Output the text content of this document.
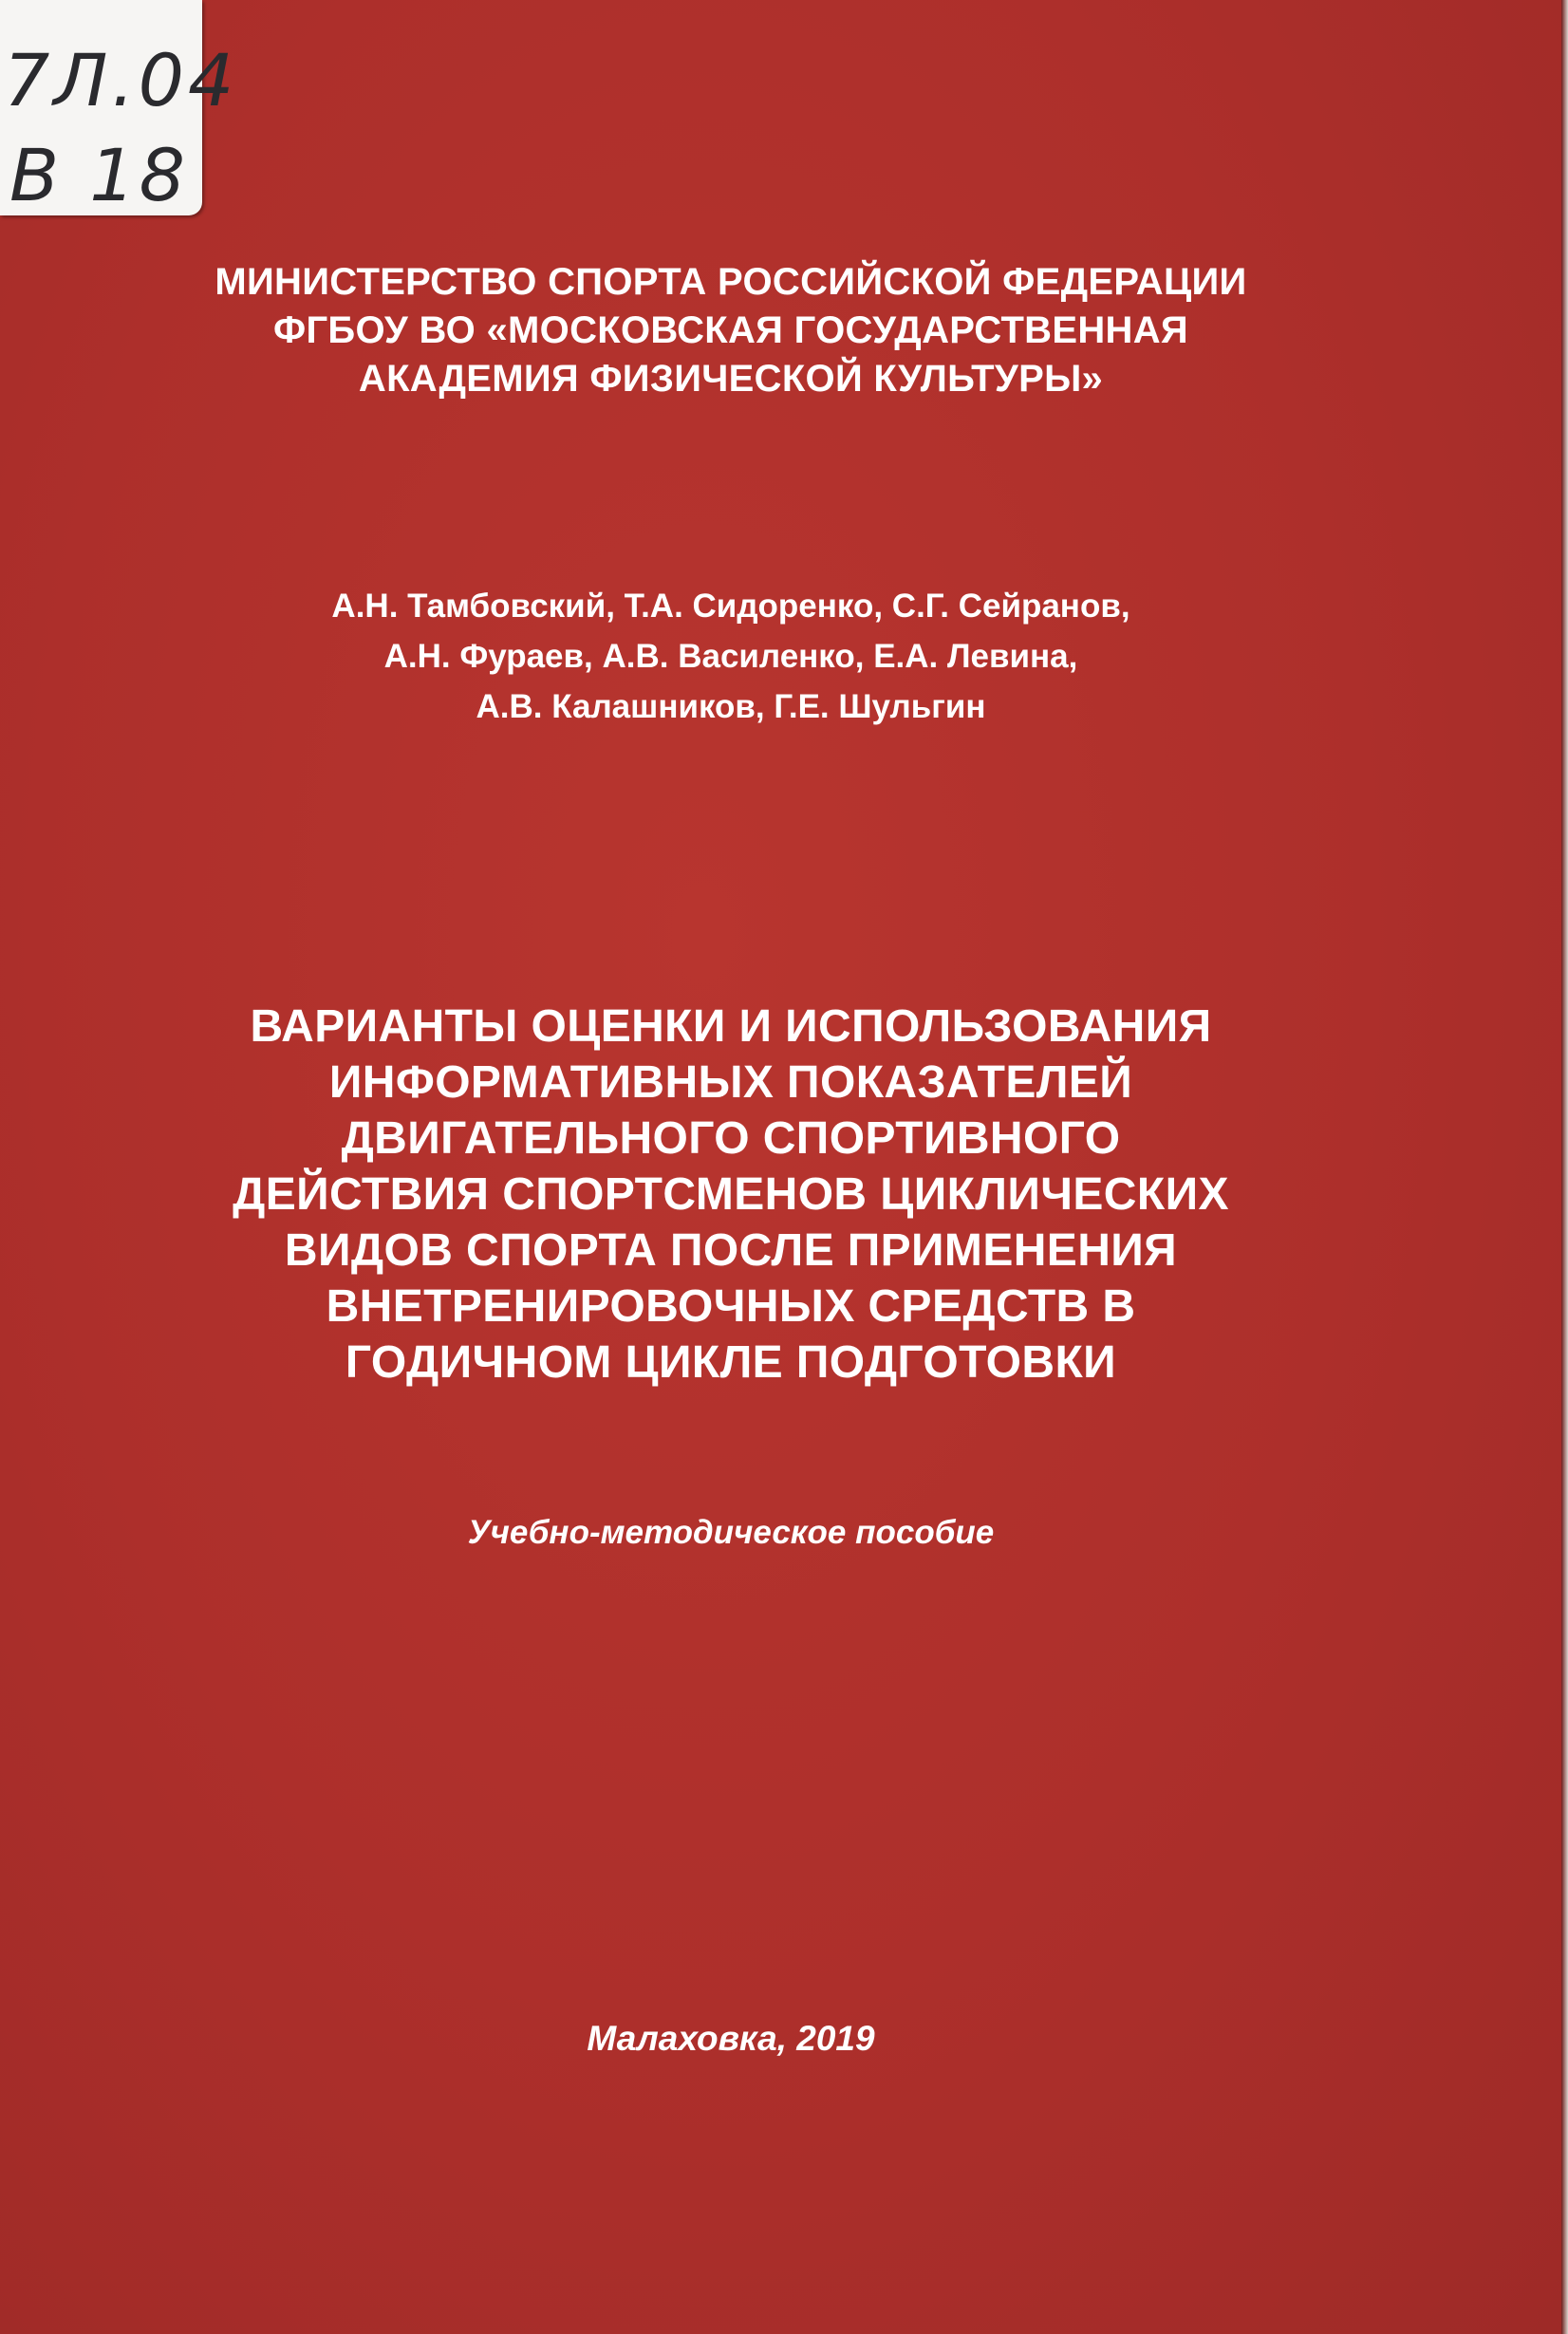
МИНИСТЕРСТВО СПОРТА РОССИЙСКОЙ ФЕДЕРАЦИИ
ФГБОУ ВО «МОСКОВСКАЯ ГОСУДАРСТВЕННАЯ
АКАДЕМИЯ ФИЗИЧЕСКОЙ КУЛЬТУРЫ»
А.Н. Тамбовский, Т.А. Сидоренко, С.Г. Сейранов,
А.Н. Фураев, А.В. Василенко, Е.А. Левина,
А.В. Калашников, Г.Е. Шульгин
ВАРИАНТЫ ОЦЕНКИ И ИСПОЛЬЗОВАНИЯ
ИНФОРМАТИВНЫХ ПОКАЗАТЕЛЕЙ
ДВИГАТЕЛЬНОГО СПОРТИВНОГО
ДЕЙСТВИЯ СПОРТСМЕНОВ ЦИКЛИЧЕСКИХ
ВИДОВ СПОРТА ПОСЛЕ ПРИМЕНЕНИЯ
ВНЕТРЕНИРОВОЧНЫХ СРЕДСТВ В
ГОДИЧНОМ ЦИКЛЕ ПОДГОТОВКИ
Учебно-методическое пособие
Малаховка, 2019
7Л.04
В 18
